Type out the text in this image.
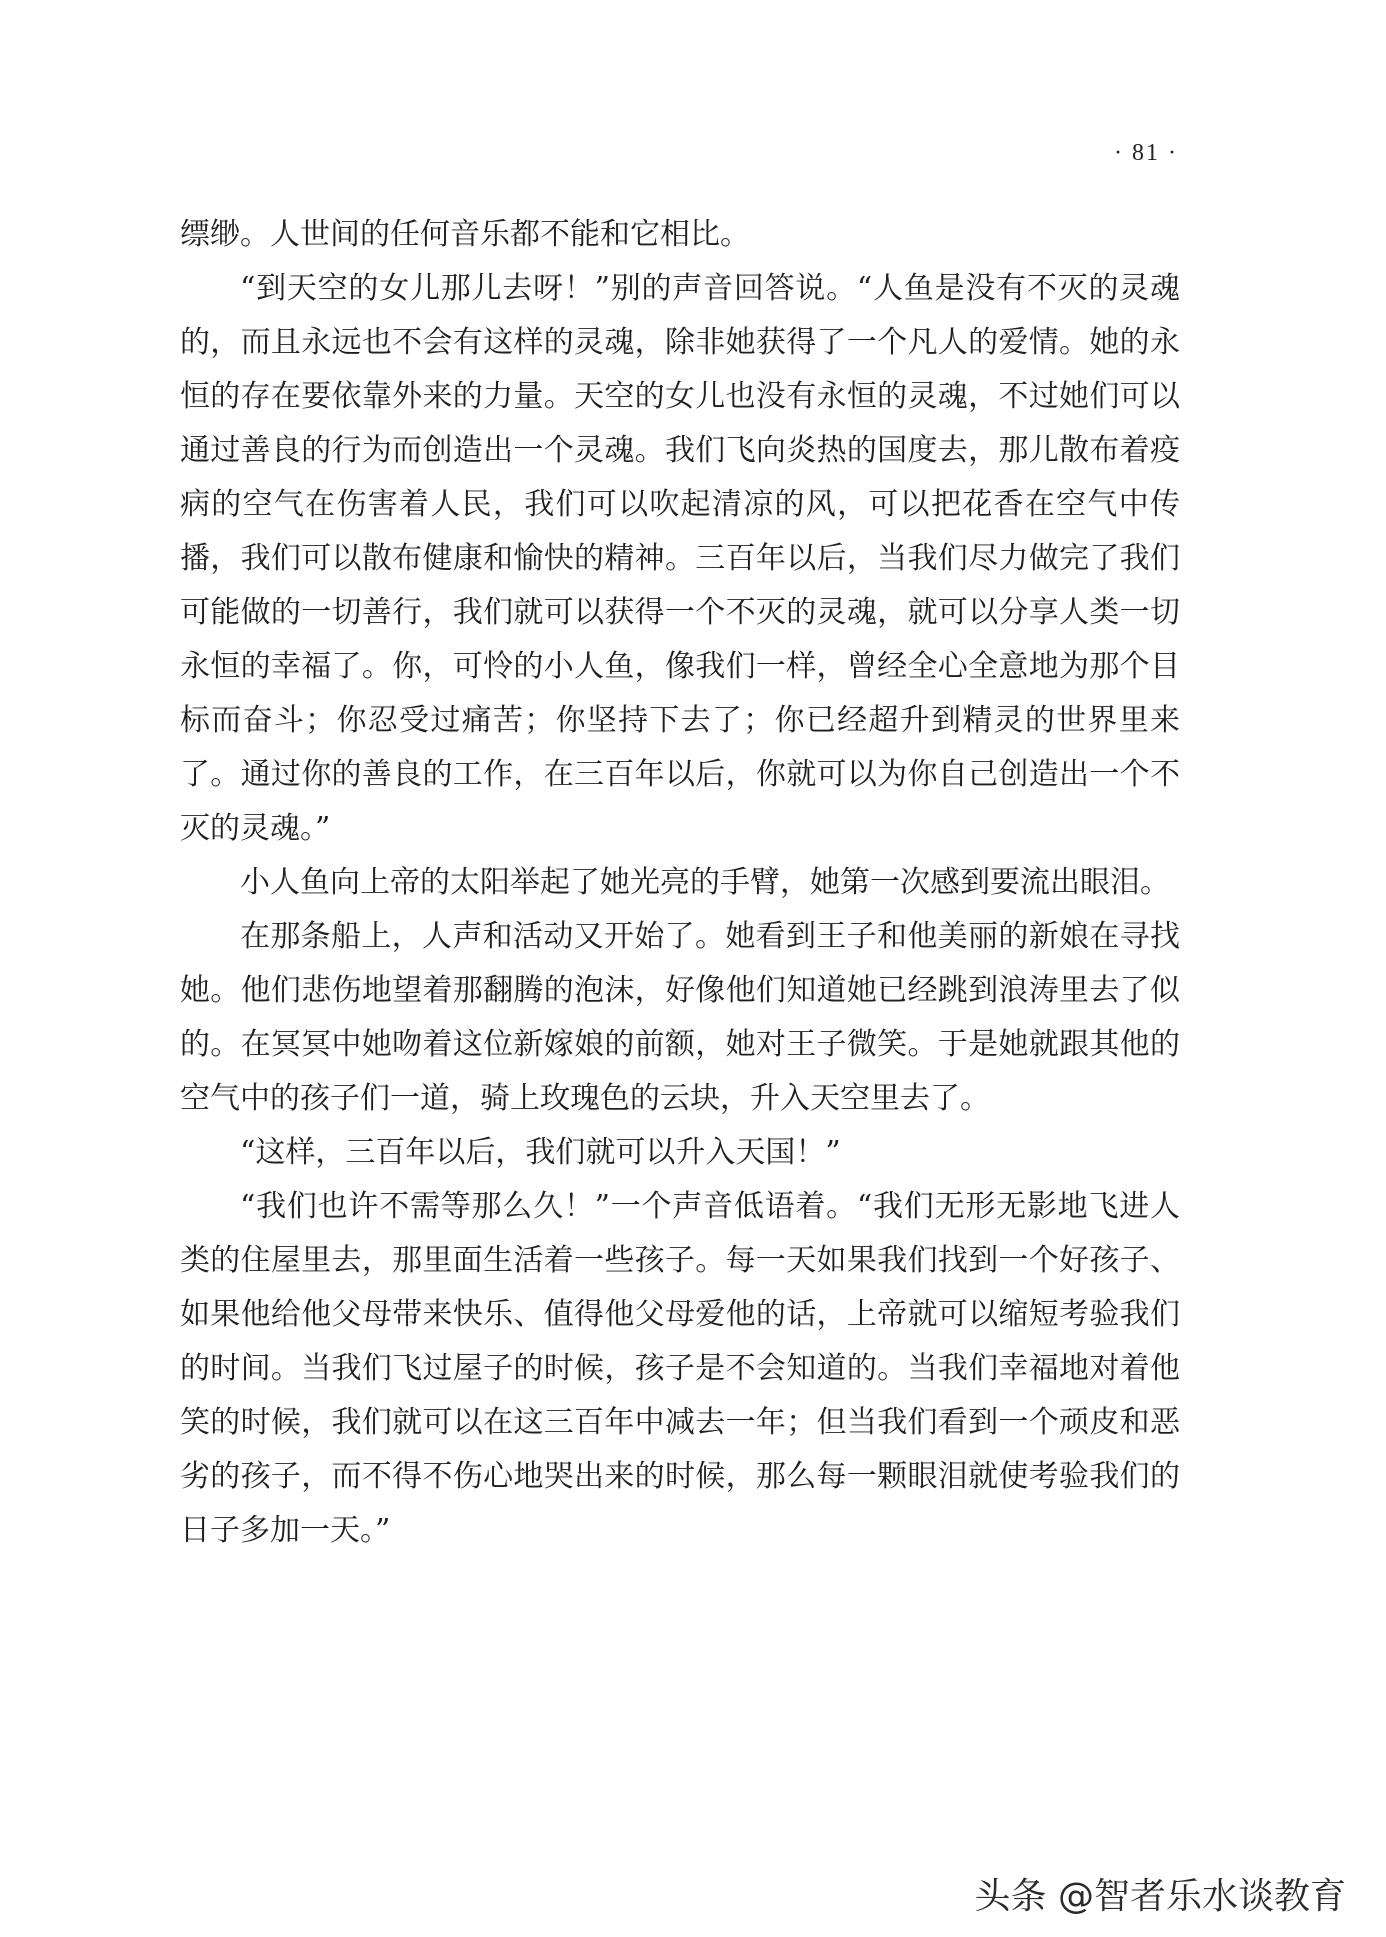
· 81 ·

缥缈。人世间的任何音乐都不能和它相比。

“到天空的女儿那儿去呀！”别的声音回答说。“人鱼是没有不灭的灵魂的，而且永远也不会有这样的灵魂，除非她获得了一个凡人的爱情。她的永恒的存在要依靠外来的力量。天空的女儿也没有永恒的灵魂，不过她们可以通过善良的行为而创造出一个灵魂。我们飞向炎热的国度去，那儿散布着疫病的空气在伤害着人民，我们可以吹起清凉的风，可以把花香在空气中传播，我们可以散布健康和愉快的精神。三百年以后，当我们尽力做完了我们可能做的一切善行，我们就可以获得一个不灭的灵魂，就可以分享人类一切永恒的幸福了。你，可怜的小人鱼，像我们一样，曾经全心全意地为那个目标而奋斗；你忍受过痛苦；你坚持下去了；你已经超升到精灵的世界里来了。通过你的善良的工作，在三百年以后，你就可以为你自己创造出一个不灭的灵魂。”

小人鱼向上帝的太阳举起了她光亮的手臂，她第一次感到要流出眼泪。

在那条船上，人声和活动又开始了。她看到王子和他美丽的新娘在寻找她。他们悲伤地望着那翻腾的泡沫，好像他们知道她已经跳到浪涛里去了似的。在冥冥中她吻着这位新嫁娘的前额，她对王子微笑。于是她就跟其他的空气中的孩子们一道，骑上玫瑰色的云块，升入天空里去了。

“这样，三百年以后，我们就可以升入天国！”

“我们也许不需等那么久！”一个声音低语着。“我们无形无影地飞进人类的住屋里去，那里面生活着一些孩子。每一天如果我们找到一个好孩子、如果他给他父母带来快乐、值得他父母爱他的话，上帝就可以缩短考验我们的时间。当我们飞过屋子的时候，孩子是不会知道的。当我们幸福地对着他笑的时候，我们就可以在这三百年中减去一年；但当我们看到一个顽皮和恶劣的孩子，而不得不伤心地哭出来的时候，那么每一颗眼泪就使考验我们的日子多加一天。”

头条 @智者乐水谈教育
